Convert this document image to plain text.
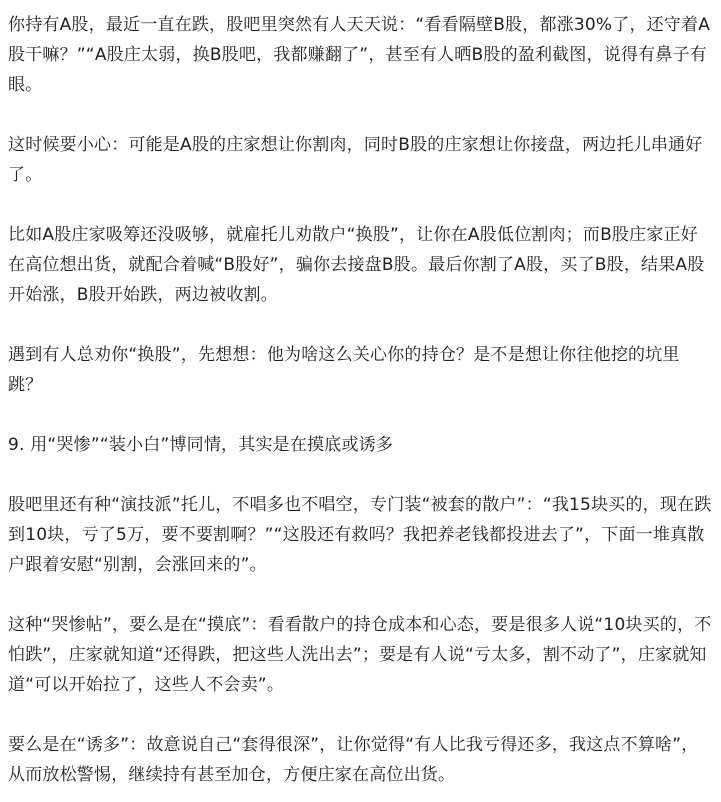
你持有A股，最近一直在跌，股吧里突然有人天天说：“看看隔壁B股，都涨30%了，还守着A股干嘛？”“A股庄太弱，换B股吧，我都赚翻了”，甚至有人晒B股的盈利截图，说得有鼻子有眼。

这时候要小心：可能是A股的庄家想让你割肉，同时B股的庄家想让你接盘，两边托儿串通好了。

比如A股庄家吸筹还没吸够，就雇托儿劝散户“换股”，让你在A股低位割肉；而B股庄家正好在高位想出货，就配合着喊“B股好”，骗你去接盘B股。最后你割了A股，买了B股，结果A股开始涨，B股开始跌，两边被收割。

遇到有人总劝你“换股”，先想想：他为啥这么关心你的持仓？是不是想让你往他挖的坑里跳？

9. 用“哭惨”“装小白”博同情，其实是在摸底或诱多

股吧里还有种“演技派”托儿，不唱多也不唱空，专门装“被套的散户”：“我15块买的，现在跌到10块，亏了5万，要不要割啊？”“这股还有救吗？我把养老钱都投进去了”，下面一堆真散户跟着安慰“别割，会涨回来的”。

这种“哭惨帖”，要么是在“摸底”：看看散户的持仓成本和心态，要是很多人说“10块买的，不怕跌”，庄家就知道“还得跌，把这些人洗出去”；要是有人说“亏太多，割不动了”，庄家就知道“可以开始拉了，这些人不会卖”。

要么是在“诱多”：故意说自己“套得很深”，让你觉得“有人比我亏得还多，我这点不算啥”，从而放松警惕，继续持有甚至加仓，方便庄家在高位出货。
